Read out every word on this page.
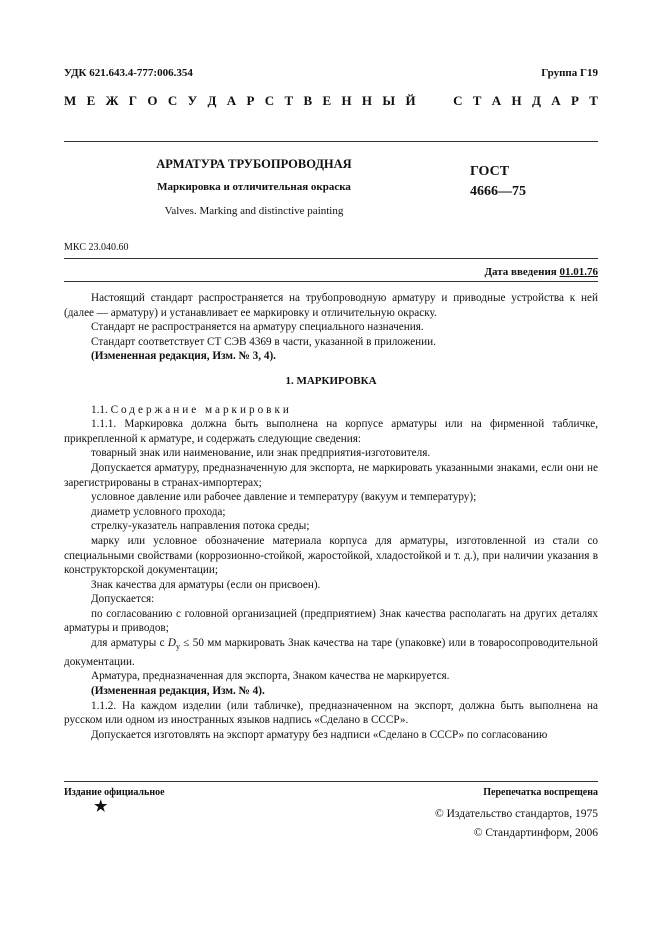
УДК 621.643.4-777:006.354	Группа Г19
М Е Ж Г О С У Д А Р С Т В Е Н Н Ы Й

	С Т А Н Д А Р Т
АРМАТУРА ТРУБОПРОВОДНАЯ
Маркировка и отличительная окраска
Valves. Marking and distinctive painting
ГОСТ
4666—75
МКС 23.040.60
Дата введения 01.01.76

Настоящий стандарт распространяется на трубопроводную арматуру и приводные устройства к ней (далее — арматуру) и устанавливает ее маркировку и отличительную окраску.

Стандарт не распространяется на арматуру специального назначения.

Стандарт соответствует СТ СЭВ 4369 в части, указанной в приложении.

(Измененная редакция, Изм. № 3, 4).

1. МАРКИРОВКА

1.1. Содержание маркировки

1.1.1. Маркировка должна быть выполнена на корпусе арматуры или на фирменной табличке, прикрепленной к арматуре, и содержать следующие сведения:

товарный знак или наименование, или знак предприятия-изготовителя.

Допускается арматуру, предназначенную для экспорта, не маркировать указанными знаками, если они не зарегистрированы в странах-импортерах;

условное давление или рабочее давление и температуру (вакуум и температуру);

диаметр условного прохода;

стрелку-указатель направления потока среды;

марку или условное обозначение материала корпуса для арматуры, изготовленной из стали со специальными свойствами (коррозионно-стойкой, жаростойкой, хладостойкой и т. д.), при наличии указания в конструкторской документации;

Знак качества для арматуры (если он присвоен).

Допускается:

по согласованию с головной организацией (предприятием) Знак качества располагать на других деталях арматуры и приводов;

для арматуры с $D_у \le 50$ мм маркировать Знак качества на таре (упаковке) или в товаросопроводительной документации.

Арматура, предназначенная для экспорта, Знаком качества не маркируется.

(Измененная редакция, Изм. № 4).

1.1.2. На каждом изделии (или табличке), предназначенном на экспорт, должна быть выполнена на русском или одном из иностранных языков надпись «Сделано в СССР».

Допускается изготовлять на экспорт арматуру без надписи «Сделано в СССР» по согласованию

Издание официальное	Перепечатка воспрещена
★	© Издательство стандартов, 1975
© Стандартинформ, 2006
